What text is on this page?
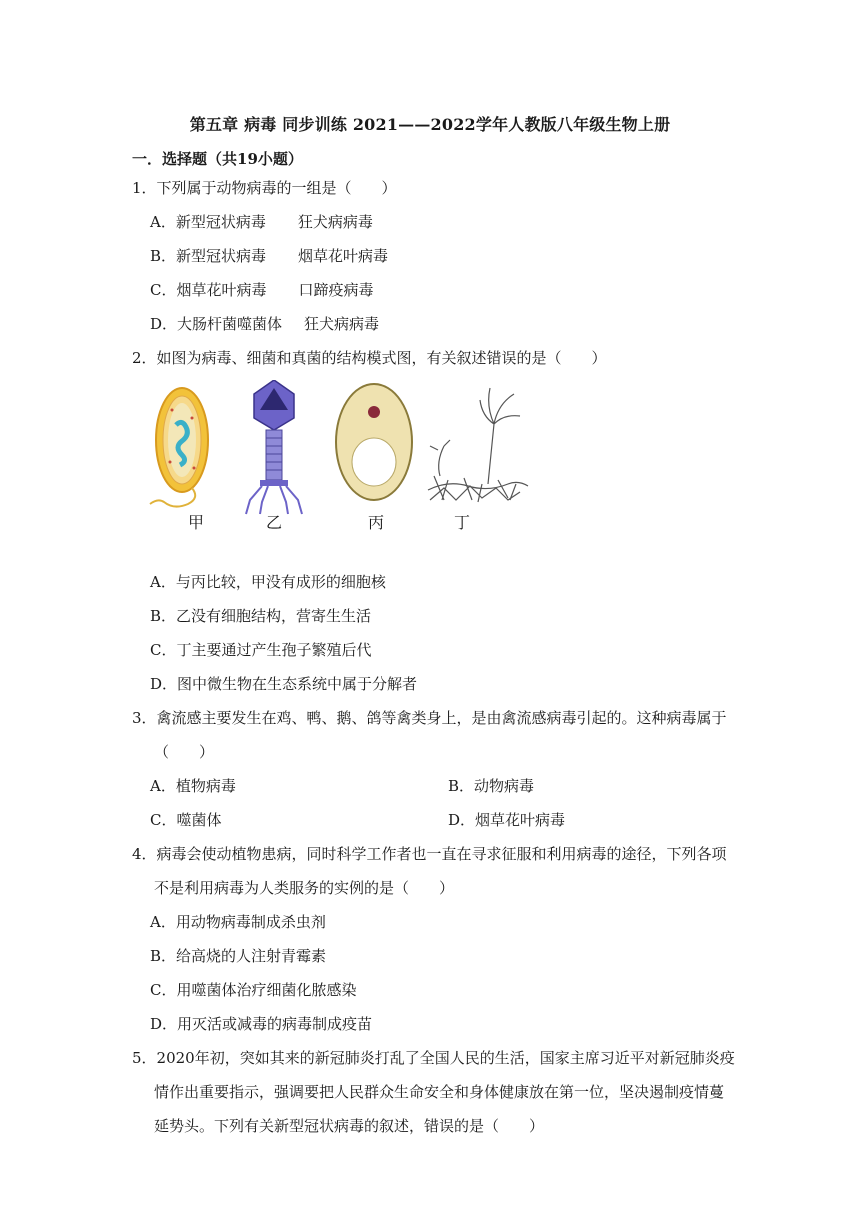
第五章 病毒 同步训练 2021——2022学年人教版八年级生物上册
一．选择题（共19小题）
1．下列属于动物病毒的一组是（　　）
A．新型冠状病毒 狂犬病病毒
B．新型冠状病毒 烟草花叶病毒
C．烟草花叶病毒 口蹄疫病毒
D．大肠杆菌噬菌体 狂犬病病毒
2．如图为病毒、细菌和真菌的结构模式图，有关叙述错误的是（　　）
甲	乙	丙	丁
A．与丙比较，甲没有成形的细胞核
B．乙没有细胞结构，营寄生生活
C．丁主要通过产生孢子繁殖后代
D．图中微生物在生态系统中属于分解者
3．禽流感主要发生在鸡、鸭、鹅、鸽等禽类身上，是由禽流感病毒引起的。这种病毒属于
（　　）
A．植物病毒	B．动物病毒
C．噬菌体	D．烟草花叶病毒
4．病毒会使动植物患病，同时科学工作者也一直在寻求征服和利用病毒的途径，下列各项
不是利用病毒为人类服务的实例的是（　　）
A．用动物病毒制成杀虫剂
B．给高烧的人注射青霉素
C．用噬菌体治疗细菌化脓感染
D．用灭活或减毒的病毒制成疫苗
5．2020年初，突如其来的新冠肺炎打乱了全国人民的生活，国家主席习近平对新冠肺炎疫
情作出重要指示，强调要把人民群众生命安全和身体健康放在第一位，坚决遏制疫情蔓
延势头。下列有关新型冠状病毒的叙述，错误的是（　　）
